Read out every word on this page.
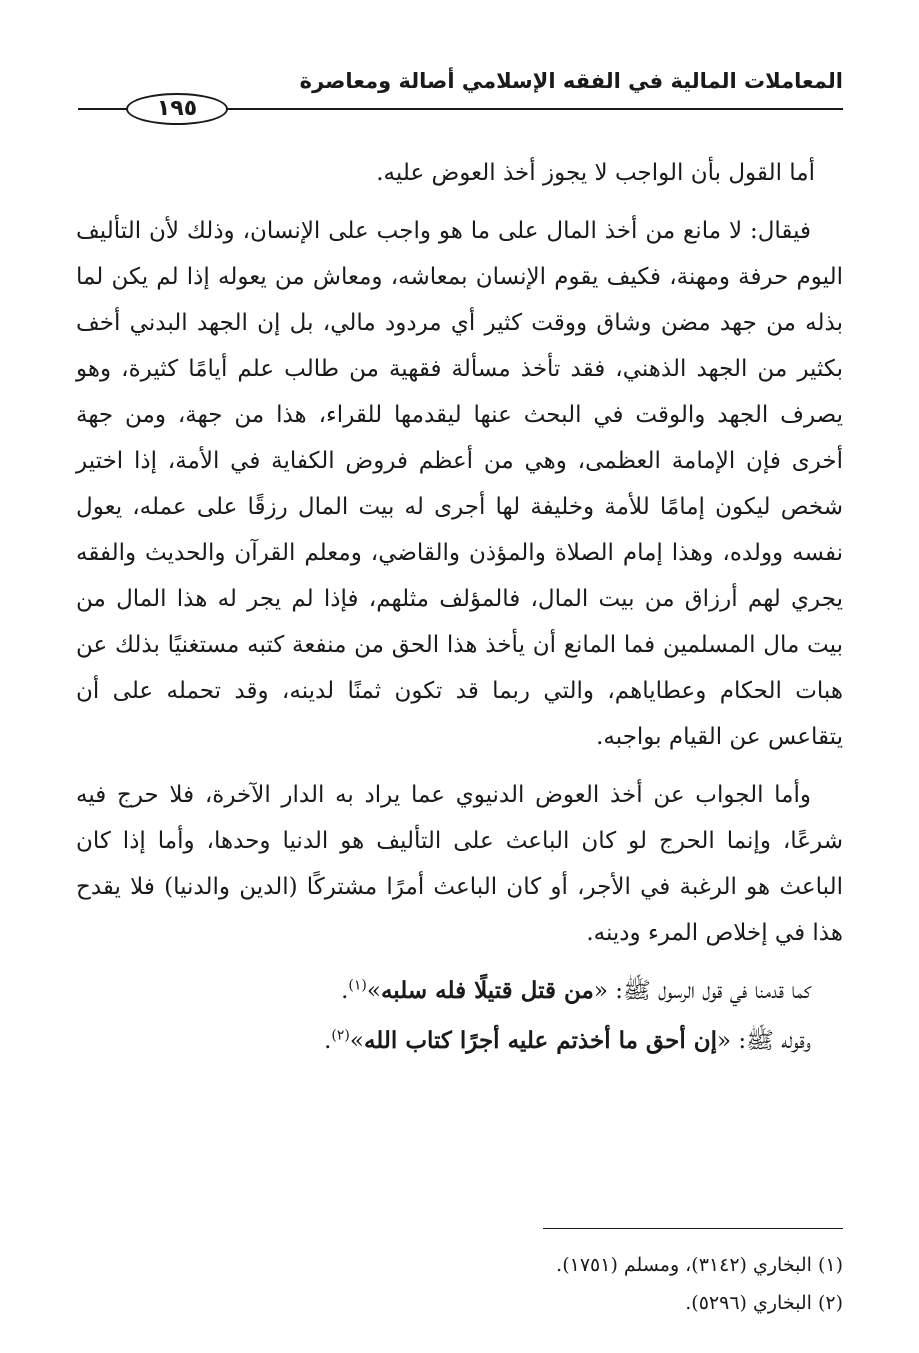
المعاملات المالية في الفقه الإسلامي أصالة ومعاصرة
١٩٥

أما القول بأن الواجب لا يجوز أخذ العوض عليه.

فيقال: لا مانع من أخذ المال على ما هو واجب على الإنسان، وذلك لأن التأليف اليوم حرفة ومهنة، فكيف يقوم الإنسان بمعاشه، ومعاش من يعوله إذا لم يكن لما بذله من جهد مضن وشاق ووقت كثير أي مردود مالي، بل إن الجهد البدني أخف بكثير من الجهد الذهني، فقد تأخذ مسألة فقهية من طالب علم أيامًا كثيرة، وهو يصرف الجهد والوقت في البحث عنها ليقدمها للقراء، هذا من جهة، ومن جهة أخرى فإن الإمامة العظمى، وهي من أعظم فروض الكفاية في الأمة، إذا اختير شخص ليكون إمامًا للأمة وخليفة لها أجرى له بيت المال رزقًا على عمله، يعول نفسه وولده، وهذا إمام الصلاة والمؤذن والقاضي، ومعلم القرآن والحديث والفقه يجري لهم أرزاق من بيت المال، فالمؤلف مثلهم، فإذا لم يجر له هذا المال من بيت مال المسلمين فما المانع أن يأخذ هذا الحق من منفعة كتبه مستغنيًا بذلك عن هبات الحكام وعطاياهم، والتي ربما قد تكون ثمنًا لدينه، وقد تحمله على أن يتقاعس عن القيام بواجبه.

وأما الجواب عن أخذ العوض الدنيوي عما يراد به الدار الآخرة، فلا حرج فيه شرعًا، وإنما الحرج لو كان الباعث على التأليف هو الدنيا وحدها، وأما إذا كان الباعث هو الرغبة في الأجر، أو كان الباعث أمرًا مشتركًا (الدين والدنيا) فلا يقدح هذا في إخلاص المرء ودينه.

كما قدمنا في قول الرسول ﷺ: «من قتل قتيلًا فله سلبه»$^{(١)}$.

وقوله ﷺ: «إن أحق ما أخذتم عليه أجرًا كتاب الله»$^{(٢)}$.

(١) البخاري (٣١٤٢)، ومسلم (١٧٥١).
(٢) البخاري (٥٢٩٦).
